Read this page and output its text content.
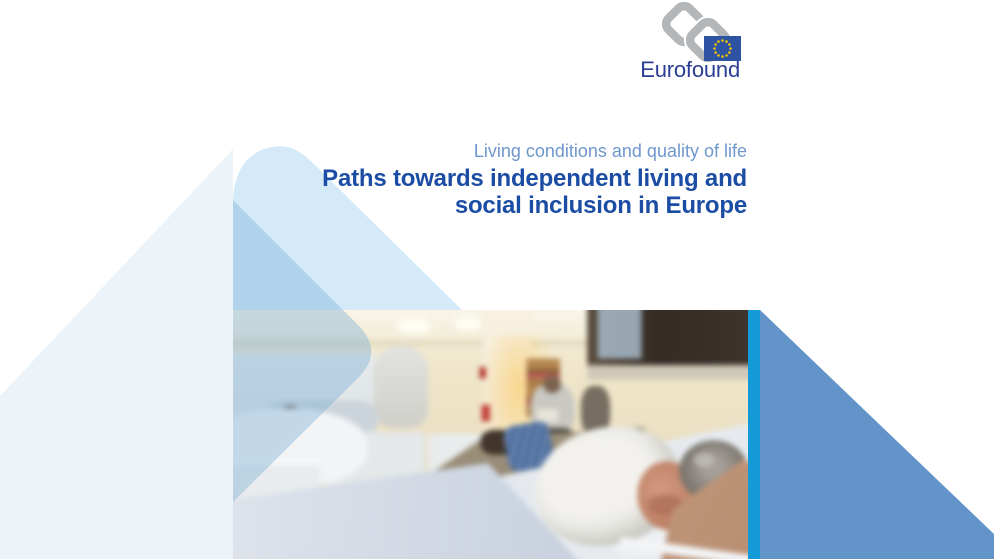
Eurofound

Living conditions and quality of life

Paths towards independent living and
social inclusion in Europe
